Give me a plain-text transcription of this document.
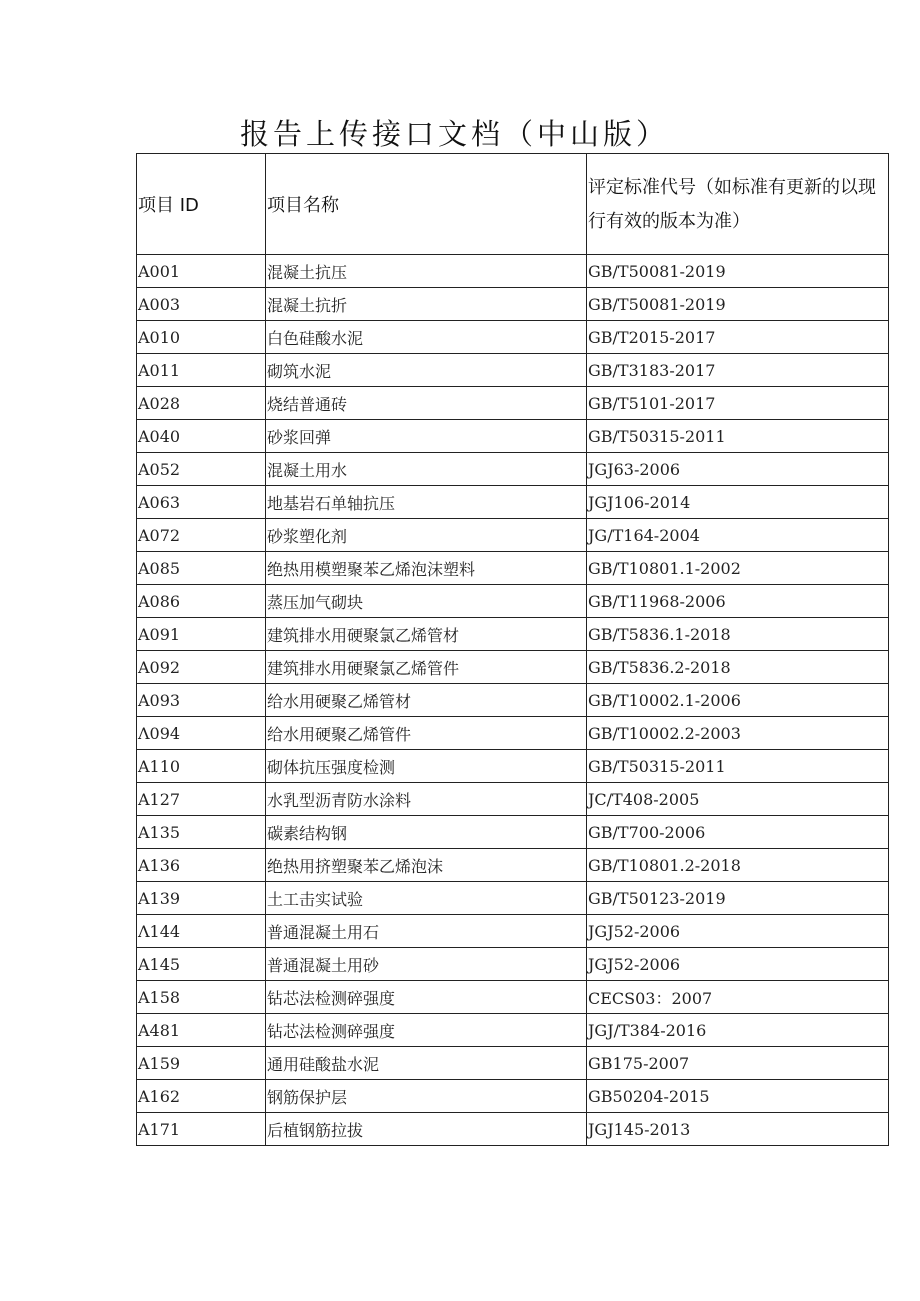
报告上传接口文档（中山版）
项目 ID	项目名称	评定标准代号（如标准有更新的以现行有效的版本为准）
A001	混凝土抗压	GB/T50081-2019
A003	混凝土抗折	GB/T50081-2019
A010	白色硅酸水泥	GB/T2015-2017
A011	砌筑水泥	GB/T3183-2017
A028	烧结普通砖	GB/T5101-2017
A040	砂浆回弹	GB/T50315-2011
A052	混凝土用水	JGJ63-2006
A063	地基岩石单轴抗压	JGJ106-2014
A072	砂浆塑化剂	JG/T164-2004
A085	绝热用模塑聚苯乙烯泡沫塑料	GB/T10801.1-2002
A086	蒸压加气砌块	GB/T11968-2006
A091	建筑排水用硬聚氯乙烯管材	GB/T5836.1-2018
A092	建筑排水用硬聚氯乙烯管件	GB/T5836.2-2018
A093	给水用硬聚乙烯管材	GB/T10002.1-2006
Λ094	给水用硬聚乙烯管件	GB/T10002.2-2003
A110	砌体抗压强度检测	GB/T50315-2011
A127	水乳型沥青防水涂料	JC/T408-2005
A135	碳素结构钢	GB/T700-2006
A136	绝热用挤塑聚苯乙烯泡沫	GB/T10801.2-2018
A139	土工击实试验	GB/T50123-2019
Λ144	普通混凝土用石	JGJ52-2006
A145	普通混凝土用砂	JGJ52-2006
A158	钻芯法检测碎强度	CECS03：2007
A481	钻芯法检测碎强度	JGJ/T384-2016
A159	通用硅酸盐水泥	GB175-2007
A162	钢筋保护层	GB50204-2015
A171	后植钢筋拉拔	JGJ145-2013
